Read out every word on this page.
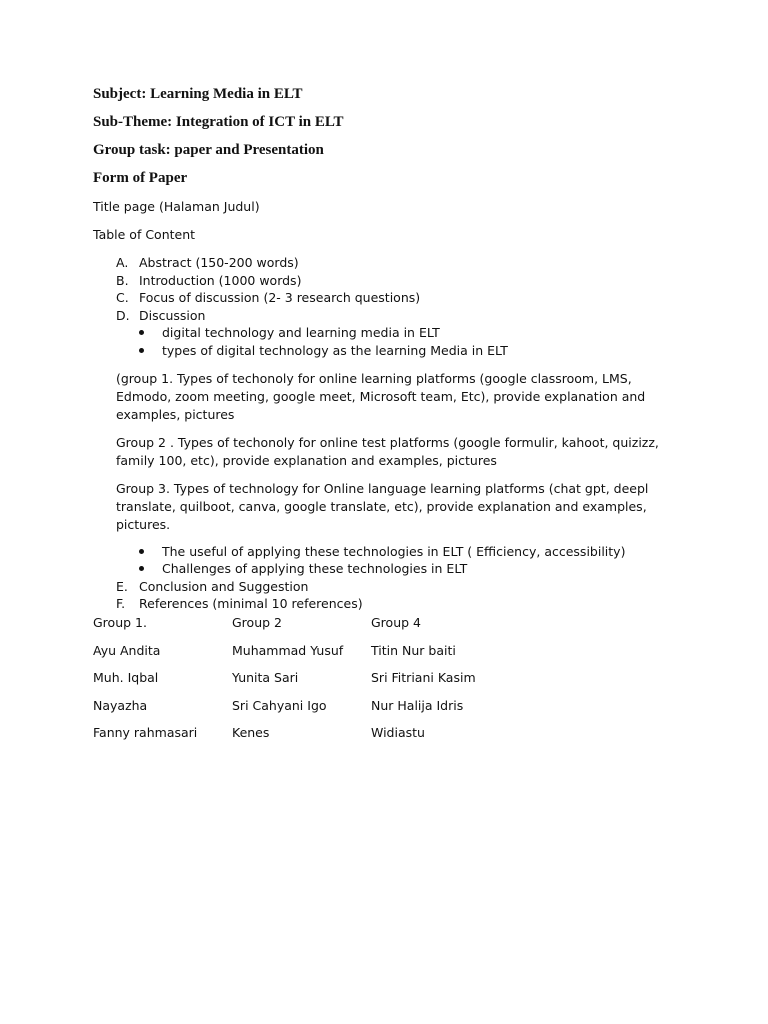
Subject: Learning Media in ELT

Sub-Theme: Integration of ICT in ELT

Group task: paper and Presentation

Form of Paper

Title page (Halaman Judul)

Table of Content

A. Abstract (150-200 words)
B. Introduction (1000 words)
C. Focus of discussion (2- 3 research questions)
D. Discussion
digital technology and learning media in ELT
types of digital technology as the learning Media in ELT

(group 1. Types of techonoly for online learning platforms (google classroom, LMS, Edmodo, zoom meeting, google meet, Microsoft team, Etc), provide explanation and examples, pictures

Group 2 . Types of techonoly for online test platforms (google formulir, kahoot, quizizz, family 100, etc), provide explanation and examples, pictures

Group 3. Types of technology for Online language learning platforms (chat gpt, deepl translate, quilboot, canva, google translate, etc), provide explanation and examples, pictures.

The useful of applying these technologies in ELT ( Efficiency, accessibility)
Challenges of applying these technologies in ELT
E. Conclusion and Suggestion
F. References (minimal 10 references)
Group 1.	Group 2	Group 4
Ayu Andita	Muhammad Yusuf	Titin Nur baiti
Muh. Iqbal	Yunita Sari	Sri Fitriani Kasim
Nayazha	Sri Cahyani Igo	Nur Halija Idris
Fanny rahmasari	Kenes	Widiastu
